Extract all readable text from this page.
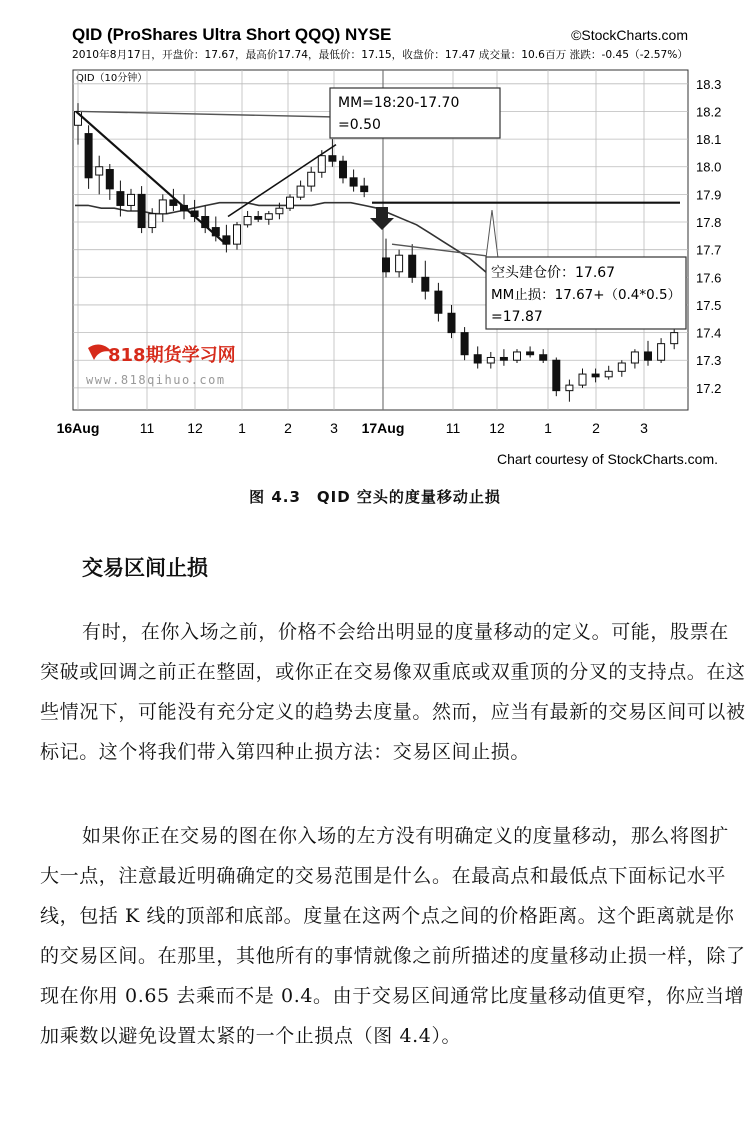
QID (ProShares Ultra Short QQQ) NYSE	©StockCharts.com
2010年8月17日，开盘价：17.67，最高价17.74，最低价：17.15，收盘价：17.47 成交量：10.6百万 涨跌：-0.45（-2.57%）
QID（10分钟）
MM=18:20-17.70
=0.50
空头建仓价：17.67
MM止损：17.67+（0.4*0.5）
=17.87
818期货学习网
www.818qihuo.com
17.2
17.3
17.4
17.5
17.6
17.7
17.8
17.9
18.0
18.1
18.2
18.3
16Aug	11 12	1	2	3 17Aug	11 12	1	2	3
Chart courtesy of StockCharts.com.
图 4.3　QID 空头的度量移动止损
交易区间止损

有时，在你入场之前，价格不会给出明显的度量移动的定义。可能，股票在突破或回调之前正在整固，或你正在交易像双重底或双重顶的分叉的支持点。在这些情况下，可能没有充分定义的趋势去度量。然而，应当有最新的交易区间可以被标记。这个将我们带入第四种止损方法：交易区间止损。

如果你正在交易的图在你入场的左方没有明确定义的度量移动，那么将图扩大一点，注意最近明确确定的交易范围是什么。在最高点和最低点下面标记水平线，包括 K 线的顶部和底部。度量在这两个点之间的价格距离。这个距离就是你的交易区间。在那里，其他所有的事情就像之前所描述的度量移动止损一样，除了现在你用 0.65 去乘而不是 0.4。由于交易区间通常比度量移动值更窄，你应当增加乘数以避免设置太紧的一个止损点（图 4.4）。
